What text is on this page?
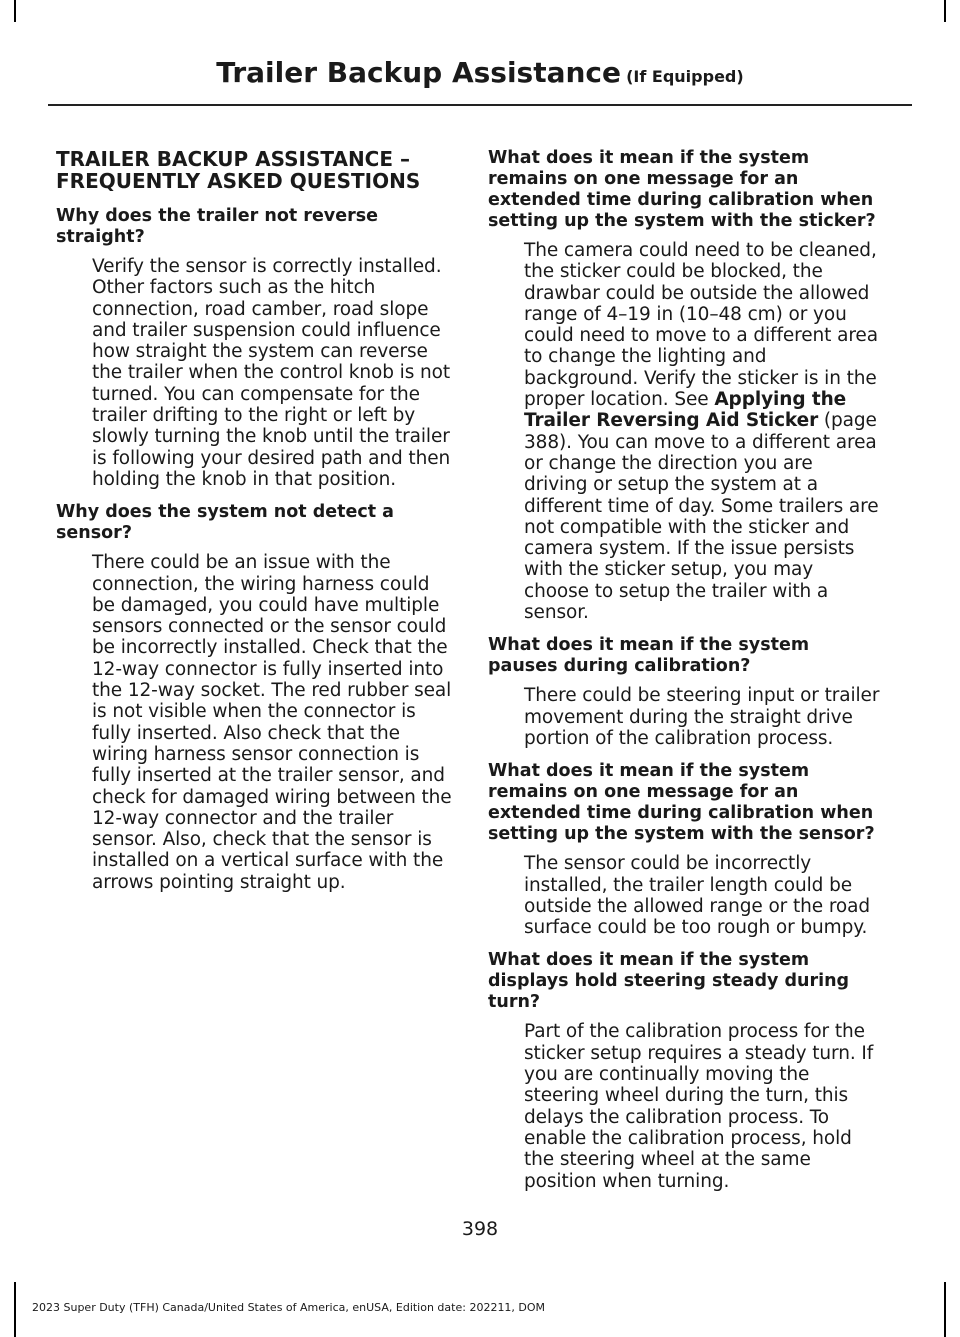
Trailer Backup Assistance (If Equipped)
TRAILER BACKUP ASSISTANCE – FREQUENTLY ASKED QUESTIONS
Why does the trailer not reverse straight?
Verify the sensor is correctly installed. Other factors such as the hitch connection, road camber, road slope and trailer suspension could influence how straight the system can reverse the trailer when the control knob is not turned. You can compensate for the trailer drifting to the right or left by slowly turning the knob until the trailer is following your desired path and then holding the knob in that position.
Why does the system not detect a sensor?
There could be an issue with the connection, the wiring harness could be damaged, you could have multiple sensors connected or the sensor could be incorrectly installed. Check that the 12-way connector is fully inserted into the 12-way socket. The red rubber seal is not visible when the connector is fully inserted. Also check that the wiring harness sensor connection is fully inserted at the trailer sensor, and check for damaged wiring between the 12-way connector and the trailer sensor. Also, check that the sensor is installed on a vertical surface with the arrows pointing straight up.
What does it mean if the system remains on one message for an extended time during calibration when setting up the system with the sticker?
The camera could need to be cleaned, the sticker could be blocked, the drawbar could be outside the allowed range of 4–19 in (10–48 cm) or you could need to move to a different area to change the lighting and background. Verify the sticker is in the proper location. See Applying the Trailer Reversing Aid Sticker (page 388). You can move to a different area or change the direction you are driving or setup the system at a different time of day. Some trailers are not compatible with the sticker and camera system. If the issue persists with the sticker setup, you may choose to setup the trailer with a sensor.
What does it mean if the system pauses during calibration?
There could be steering input or trailer movement during the straight drive portion of the calibration process.
What does it mean if the system remains on one message for an extended time during calibration when setting up the system with the sensor?
The sensor could be incorrectly installed, the trailer length could be outside the allowed range or the road surface could be too rough or bumpy.
What does it mean if the system displays hold steering steady during turn?
Part of the calibration process for the sticker setup requires a steady turn. If you are continually moving the steering wheel during the turn, this delays the calibration process. To enable the calibration process, hold the steering wheel at the same position when turning.
398
2023 Super Duty (TFH) Canada/United States of America, enUSA, Edition date: 202211, DOM
